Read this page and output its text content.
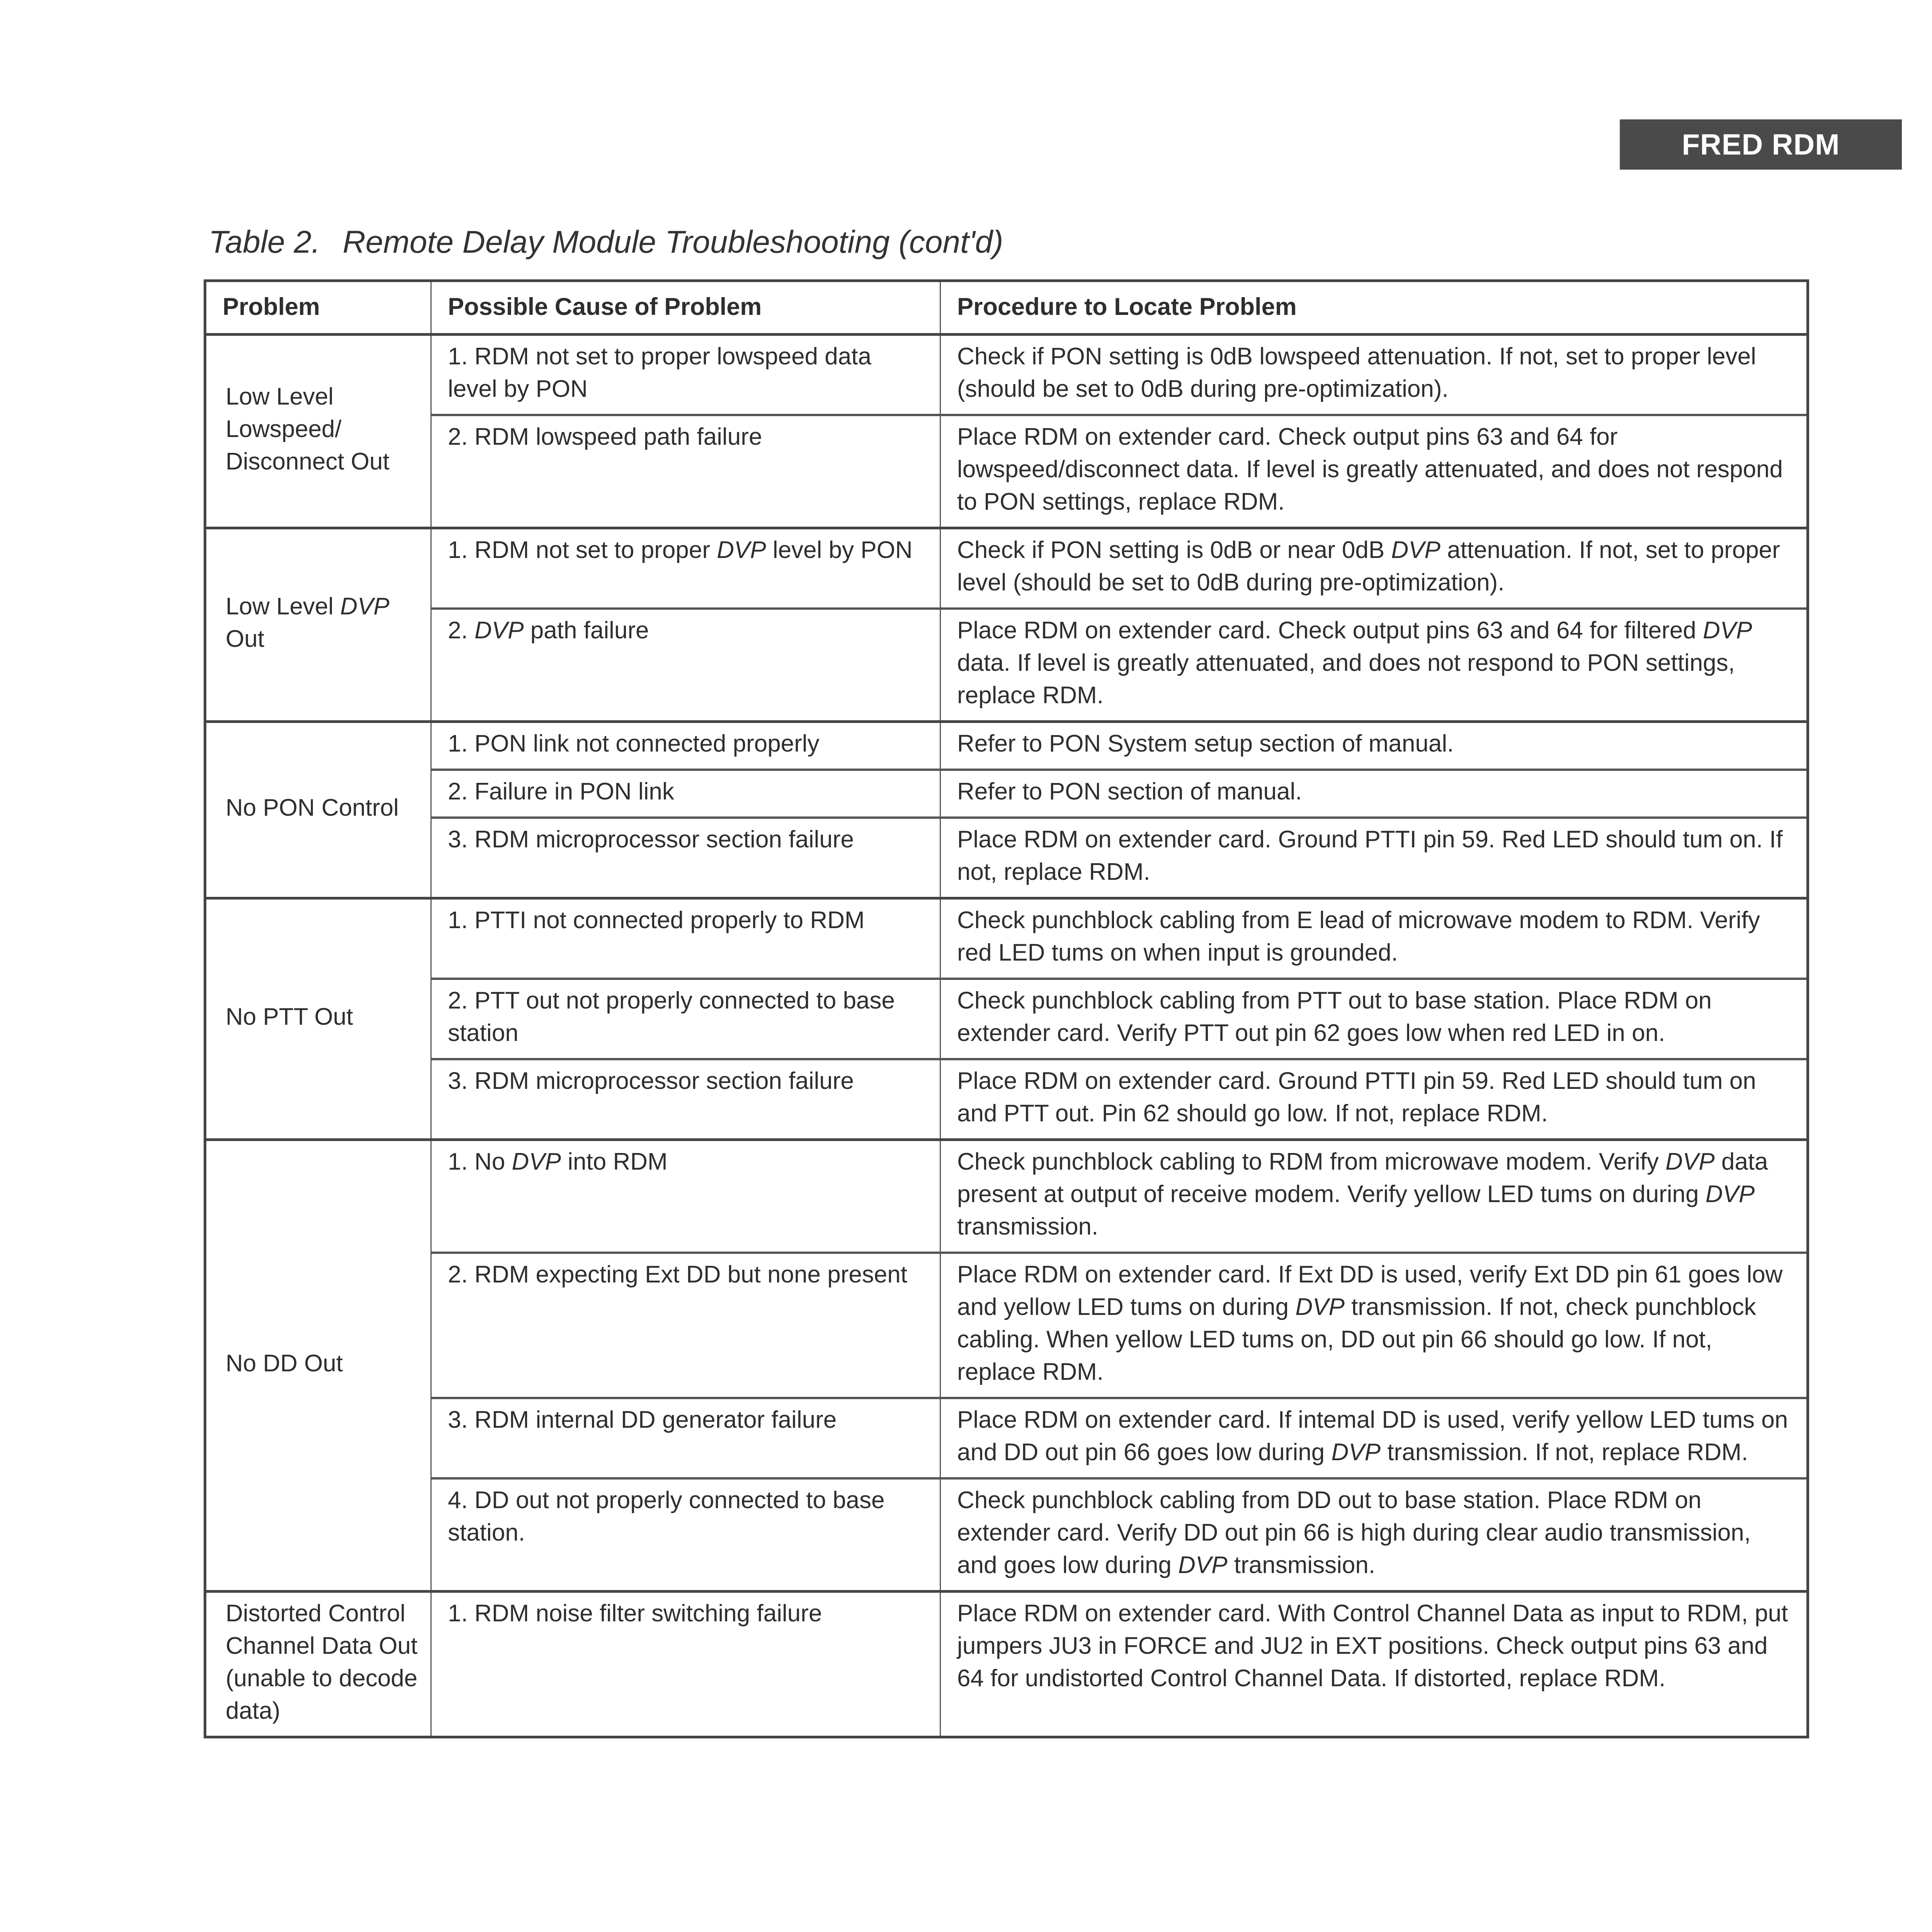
FRED RDM
Table 2. Remote Delay Module Troubleshooting (cont'd)
Problem	Possible Cause of Problem	Procedure to Locate Problem
Low Level Lowspeed/ Disconnect Out	1. RDM not set to proper lowspeed data level by PON	Check if PON setting is 0dB lowspeed attenuation. If not, set to proper level (should be set to 0dB during pre-optimization).
	2. RDM lowspeed path failure	Place RDM on extender card. Check output pins 63 and 64 for lowspeed/disconnect data. If level is greatly attenuated, and does not respond to PON settings, replace RDM.
Low Level DVP Out	1. RDM not set to proper DVP level by PON	Check if PON setting is 0dB or near 0dB DVP attenuation. If not, set to proper level (should be set to 0dB during pre-optimization).
	2. DVP path failure	Place RDM on extender card. Check output pins 63 and 64 for filtered DVP data. If level is greatly attenuated, and does not respond to PON settings, replace RDM.
No PON Control	1. PON link not connected properly	Refer to PON System setup section of manual.
	2. Failure in PON link	Refer to PON section of manual.
	3. RDM microprocessor section failure	Place RDM on extender card. Ground PTTI pin 59. Red LED should tum on. If not, replace RDM.
No PTT Out	1. PTTI not connected properly to RDM	Check punchblock cabling from E lead of microwave modem to RDM. Verify red LED tums on when input is grounded.
	2. PTT out not properly connected to base station	Check punchblock cabling from PTT out to base station. Place RDM on extender card. Verify PTT out pin 62 goes low when red LED in on.
	3. RDM microprocessor section failure	Place RDM on extender card. Ground PTTI pin 59. Red LED should tum on and PTT out. Pin 62 should go low. If not, replace RDM.
No DD Out	1. No DVP into RDM	Check punchblock cabling to RDM from microwave modem. Verify DVP data present at output of receive modem. Verify yellow LED tums on during DVP transmission.
	2. RDM expecting Ext DD but none present	Place RDM on extender card. If Ext DD is used, verify Ext DD pin 61 goes low and yellow LED tums on during DVP transmission. If not, check punchblock cabling. When yellow LED tums on, DD out pin 66 should go low. If not, replace RDM.
	3. RDM internal DD generator failure	Place RDM on extender card. If intemal DD is used, verify yellow LED tums on and DD out pin 66 goes low during DVP transmission. If not, replace RDM.
	4. DD out not properly connected to base station.	Check punchblock cabling from DD out to base station. Place RDM on extender card. Verify DD out pin 66 is high during clear audio transmission, and goes low during DVP transmission.
Distorted Control Channel Data Out (unable to decode data)	1. RDM noise filter switching failure	Place RDM on extender card. With Control Channel Data as input to RDM, put jumpers JU3 in FORCE and JU2 in EXT positions. Check output pins 63 and 64 for undistorted Control Channel Data. If distorted, replace RDM.
